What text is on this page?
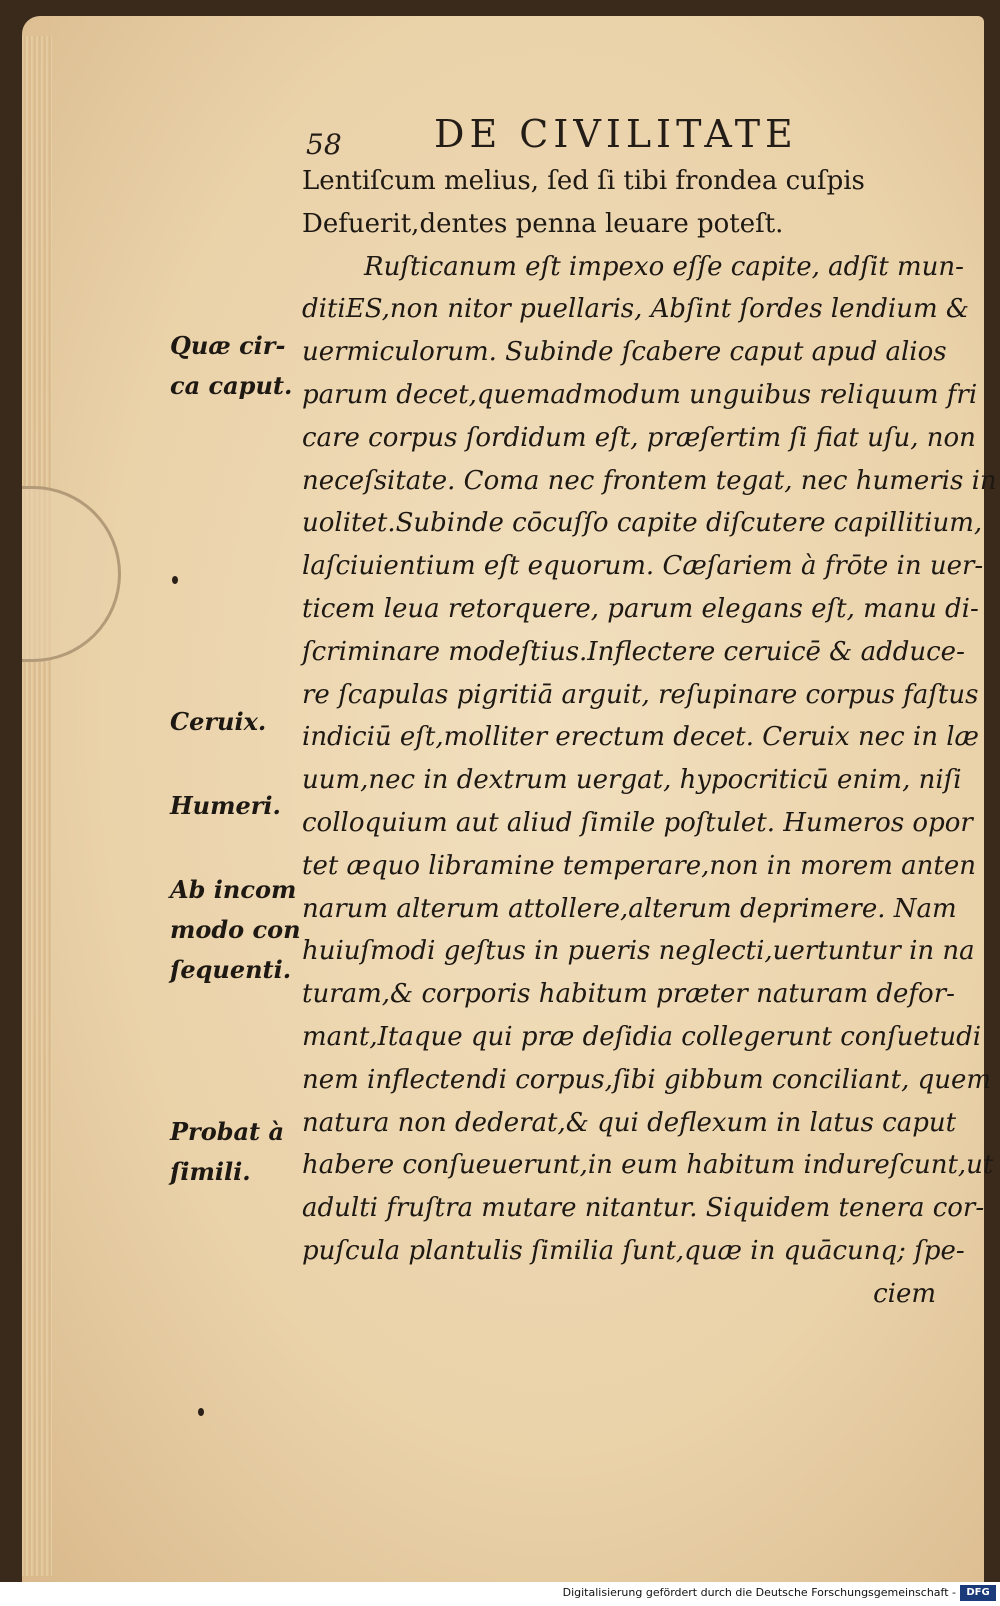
58 DE CIVILITATE
Quæ cir-
ca caput.
Ceruix.
Humeri.
Ab incom
modo con
ſequenti.
Probat à
ſimili.
Lentiſcum melius, ſed ſi tibi frondea cuſpis
Defuerit,dentes penna leuare poteſt.
Ruſticanum eſt impexo eſſe capite, adſit mun-
ditiES,non nitor puellaris, Abſint ſordes lendium &
uermiculorum. Subinde ſcabere caput apud alios
parum decet,quemadmodum unguibus reliquum fri
care corpus ſordidum eſt, præſertim ſi fiat uſu, non
neceſsitate. Coma nec frontem tegat, nec humeris in
uolitet.Subinde cōcuſſo capite diſcutere capillitium,
laſciuientium eſt equorum. Cæſariem à frōte in uer-
ticem leua retorquere, parum elegans eſt, manu di-
ſcriminare modeſtius.Inflectere ceruicē & adduce-
re ſcapulas pigritiā arguit, reſupinare corpus faſtus
indiciū eſt,molliter erectum decet. Ceruix nec in læ
uum,nec in dextrum uergat, hypocriticū enim, niſi
colloquium aut aliud ſimile poſtulet. Humeros opor
tet æquo libramine temperare,non in morem anten
narum alterum attollere,alterum deprimere. Nam
huiuſmodi geſtus in pueris neglecti,uertuntur in na
turam,& corporis habitum præter naturam defor-
mant,Itaque qui præ deſidia collegerunt conſuetudi
nem inflectendi corpus,ſibi gibbum conciliant, quem
natura non dederat,& qui deflexum in latus caput
habere conſueuerunt,in eum habitum indureſcunt,ut
adulti fruſtra mutare nitantur. Siquidem tenera cor-
puſcula plantulis ſimilia ſunt,quæ in quācunq; ſpe-
ciem
Digitalisierung gefördert durch die Deutsche Forschungsgemeinschaft -	DFG
